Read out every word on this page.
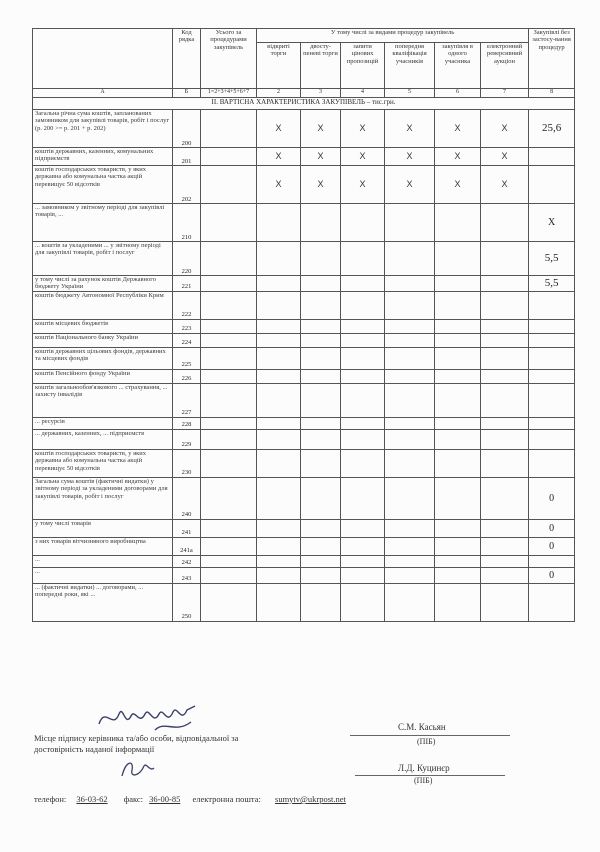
	Код рядка	Усього за процедурами закупівель	У тому числі за видами процедур закупівель						Закупівлі без застосу-вання процедур
			відкриті торги	двосту-пеневі торги	запити цінових пропозицій	попередня кваліфікація учасників	закупівля в одного учасника	електронний реверсивний аукціон	
А	Б	1=2+3+4+5+6+7	2	3	4	5	6	7	8
ІІ. ВАРТІСНА ХАРАКТЕРИСТИКА ЗАКУПІВЕЛЬ – тис.грн.									
Загальна річна сума коштів, запланованих замовником для закупівлі товарів, робіт і послуг (р. 200 >= р. 201 + р. 202)	200		X	X	X	X	X	X	25,6
коштів державних, казенних, комунальних підприємств	201		X	X	X	X	X	X	
коштів господарських товариств, у яких державна або комунальна частка акцій перевищує 50 відсотків	202		X	X	X	X	X	X	
... замовником у звітному періоді для закупівлі товарів, ...	210								X
... коштів за укладеними ... у звітному періоді для закупівлі товарів, робіт і послуг	220								5,5
у тому числі за рахунок коштів Державного бюджету України	221								5,5
коштів бюджету Автономної Республіки Крим	222								
коштів місцевих бюджетів	223								
коштів Національного банку України	224								
коштів державних цільових фондів, державних та місцевих фондів	225								
коштів Пенсійного фонду України	226								
коштів загальнообов'язкового ... страхування, ... захисту інвалідів	227								
... ресурсів	228								
... державних, казенних, ... підприємств	229								
коштів господарських товариств, у яких державна або комунальна частка акцій перевищує 50 відсотків	230								
Загальна сума коштів (фактичні видатки) у звітному періоді за укладеними договорами для закупівлі товарів, робіт і послуг	240								0
у тому числі товарів	241								0
з них товарів вітчизняного виробництва	241а								0
...	242								
...	243								0
... (фактичні видатки) ... договорами, ... попередні роки, які ...	250								
С.М. Касьян
(ПІБ)
Місце підпису керівника та/або особи, відповідальної за достовірність наданої інформації
Л.Д. Куцинєр
(ПІБ)
телефон: 36-03-62 факс: 36-00-85 електронна пошта: sumytv@ukrpost.net
